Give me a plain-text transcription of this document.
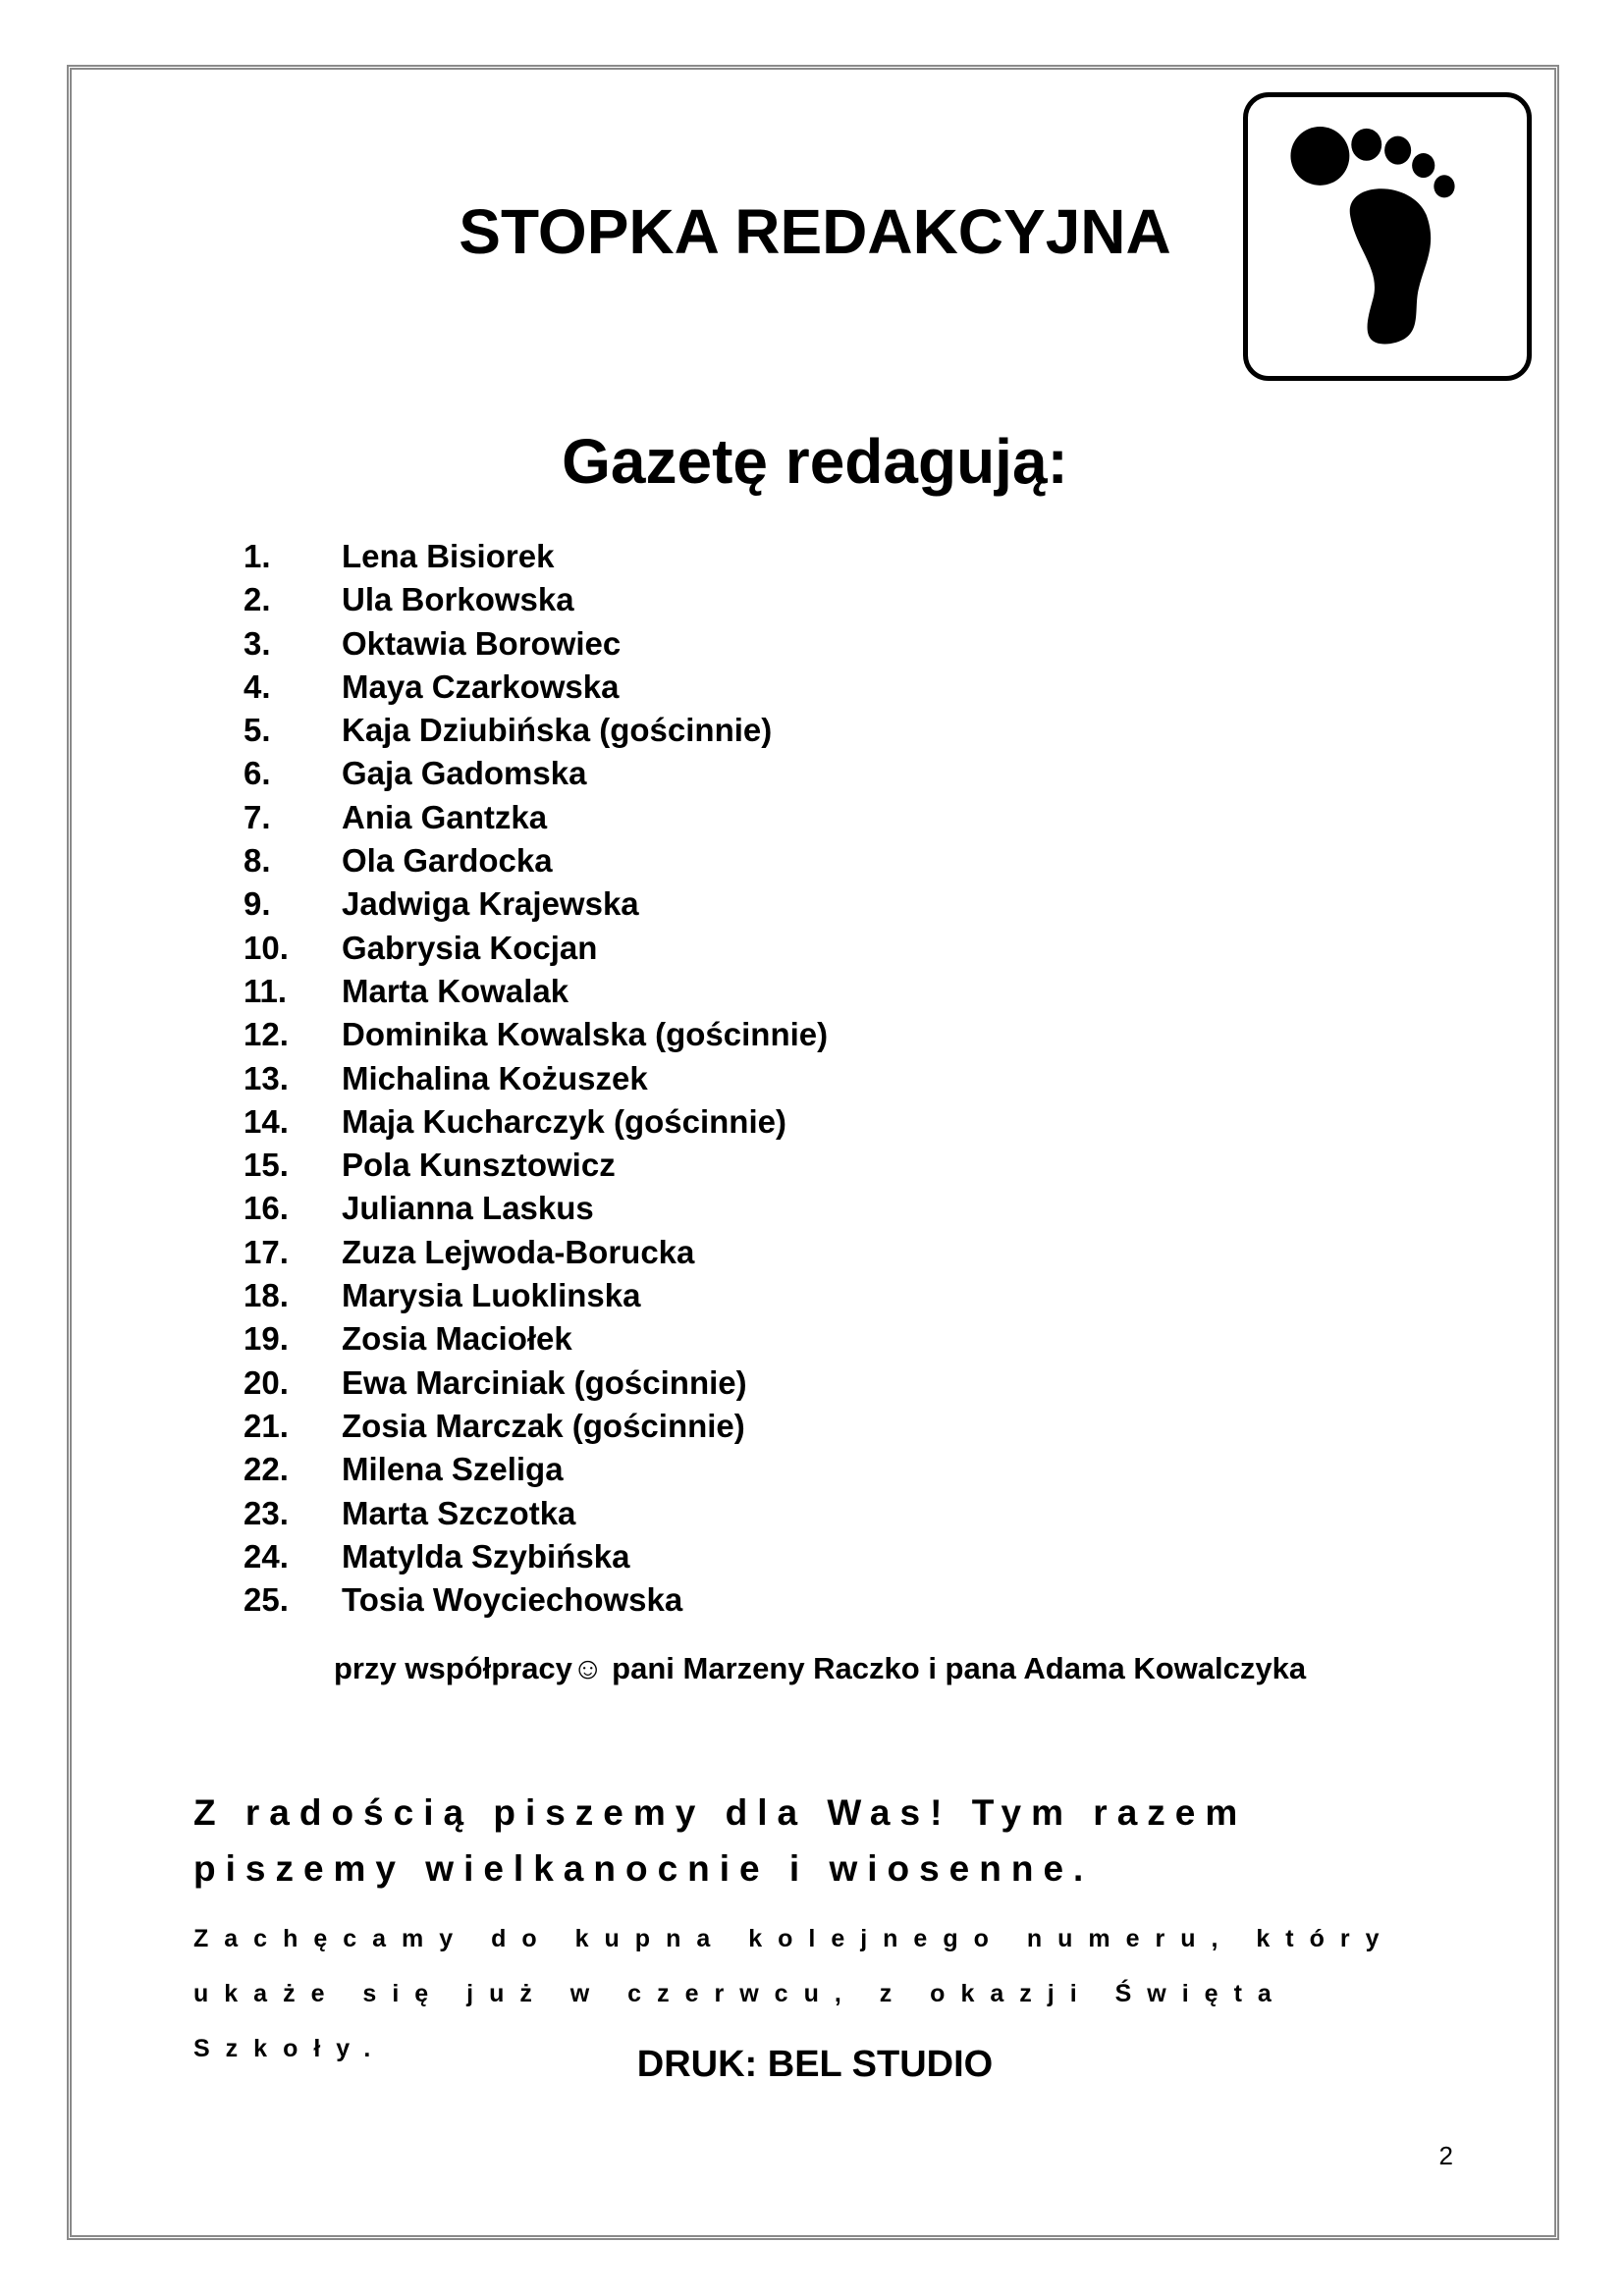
STOPKA REDAKCYJNA
Gazetę redagują:
1.	Lena Bisiorek
2.	Ula Borkowska
3.	Oktawia Borowiec
4.	Maya Czarkowska
5.	Kaja Dziubińska (gościnnie)
6.	Gaja Gadomska
7.	Ania Gantzka
8.	Ola Gardocka
9.	Jadwiga Krajewska
10.	Gabrysia Kocjan
11.	Marta Kowalak
12.	Dominika Kowalska (gościnnie)
13.	Michalina Kożuszek
14.	Maja Kucharczyk (gościnnie)
15.	Pola Kunsztowicz
16.	Julianna Laskus
17.	Zuza Lejwoda-Borucka
18.	Marysia Luoklinska
19.	Zosia Maciołek
20.	Ewa Marciniak (gościnnie)
21.	Zosia Marczak (gościnnie)
22.	Milena Szeliga
23.	Marta Szczotka
24.	Matylda Szybińska
25.	Tosia Woyciechowska
przy współpracy☺ pani Marzeny Raczko i pana Adama Kowalczyka

Z radością piszemy dla Was! Tym razem piszemy wielkanocnie i wiosenne.

Zachęcamy do kupna kolejnego numeru, który ukaże się już w czerwcu, z okazji Święta Szkoły.	DRUK: BEL STUDIO

2
